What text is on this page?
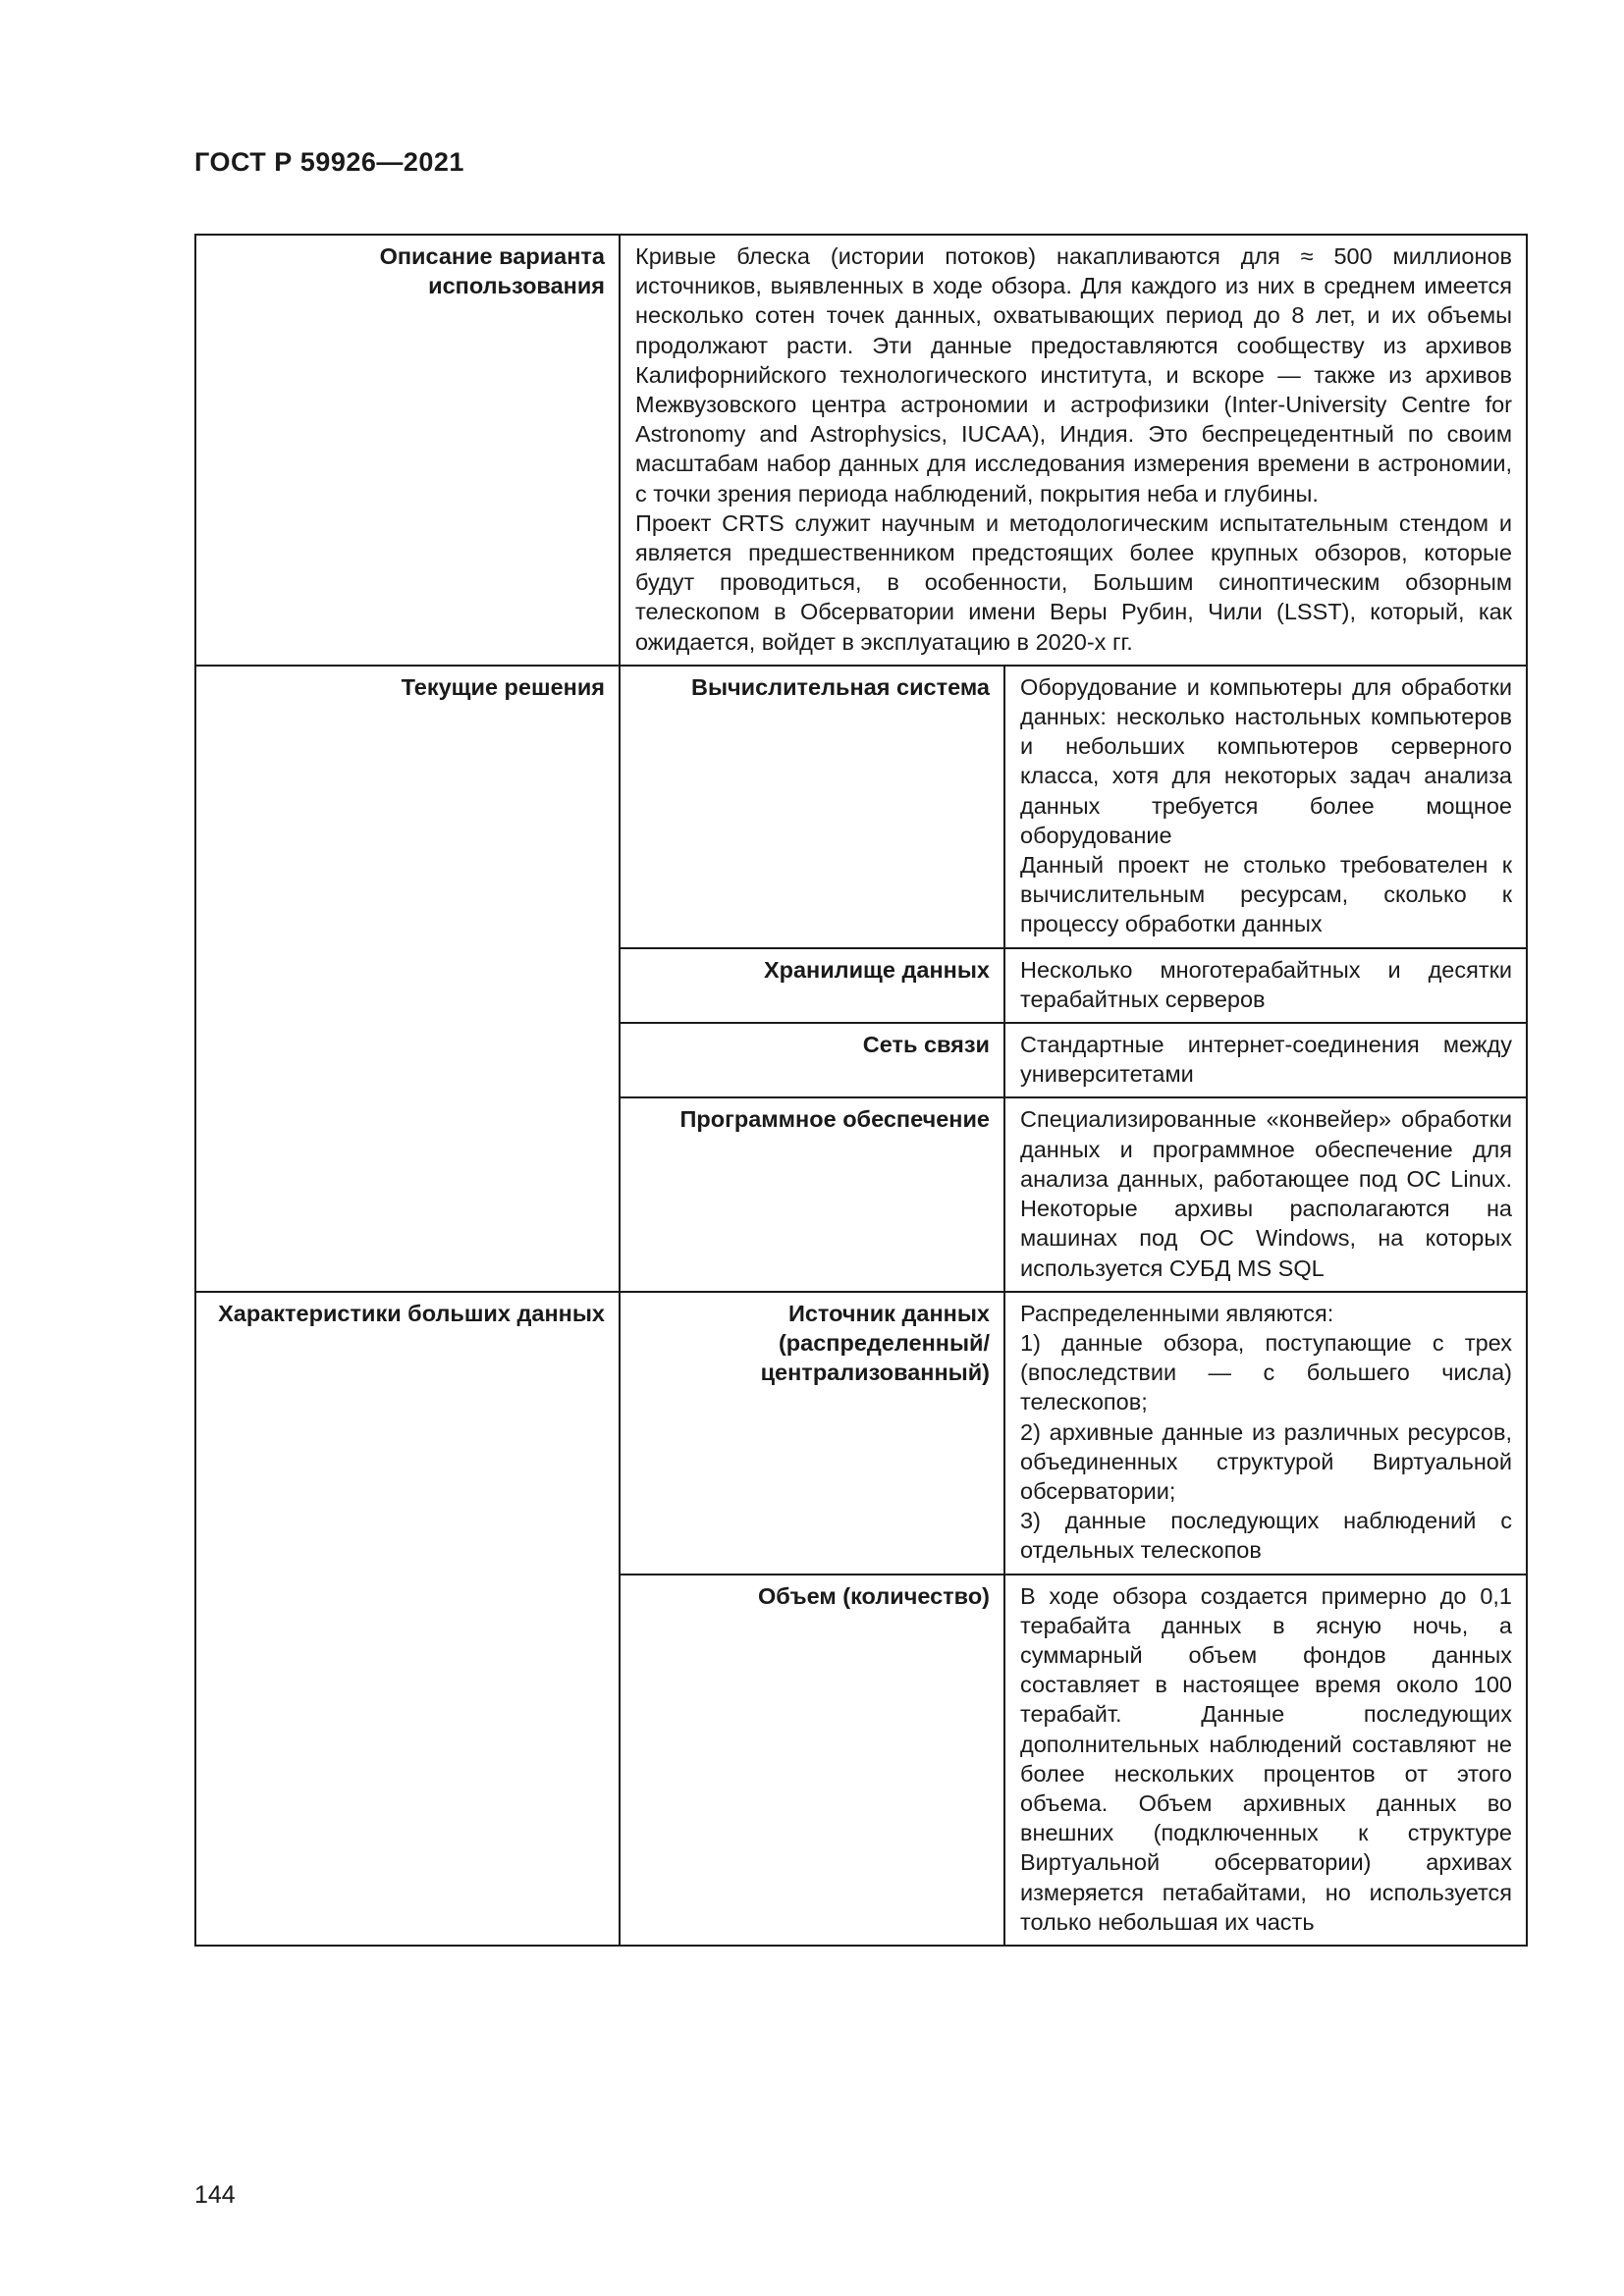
ГОСТ Р 59926—2021
Описание варианта использования	Кривые блеска (истории потоков) накапливаются для ≈ 500 миллионов источников, выявленных в ходе обзора. Для каждого из них в среднем имеется несколько сотен точек данных, охватывающих период до 8 лет, и их объемы продолжают расти. Эти данные предоставляются сообществу из архивов Калифорнийского технологического института, и вскоре — также из архивов Межвузовского центра астрономии и астрофизики (Inter-University Centre for Astronomy and Astrophysics, IUCAA), Индия. Это беспрецедентный по своим масштабам набор данных для исследования измерения времени в астрономии, с точки зрения периода наблюдений, покрытия неба и глубины.

Проект CRTS служит научным и методологическим испытательным стендом и является предшественником предстоящих более крупных обзоров, которые будут проводиться, в особенности, Большим синоптическим обзорным телескопом в Обсерватории имени Веры Рубин, Чили (LSST), который, как ожидается, войдет в эксплуатацию в 2020-х гг.	

Текущие решения	Вычислительная система	Оборудование и компьютеры для обработки данных: несколько настольных компьютеров и небольших компьютеров серверного класса, хотя для некоторых задач анализа данных требуется более мощное оборудование

Данный проект не столько требователен к вычислительным ресурсам, сколько к процессу обработки данных

	Хранилище данных	Несколько многотерабайтных и десятки терабайтных серверов

	Сеть связи	Стандартные интернет-соединения между университетами

	Программное обеспечение	Специализированные «конвейер» обработки данных и программное обеспечение для анализа данных, работающее под ОС Linux. Некоторые архивы располагаются на машинах под ОС Windows, на которых используется СУБД MS SQL

Характеристики больших данных	Источник данных (распределенный/централизованный)	Распределенными являются:

1) данные обзора, поступающие с трех (впоследствии — с большего числа) телескопов;

2) архивные данные из различных ресурсов, объединенных структурой Виртуальной обсерватории;

3) данные последующих наблюдений с отдельных телескопов

	Объем (количество)	В ходе обзора создается примерно до 0,1 терабайта данных в ясную ночь, а суммарный объем фондов данных составляет в настоящее время около 100 терабайт. Данные последующих дополнительных наблюдений составляют не более нескольких процентов от этого объема. Объем архивных данных во внешних (подключенных к структуре Виртуальной обсерватории) архивах измеряется петабайтами, но используется только небольшая их часть

144
